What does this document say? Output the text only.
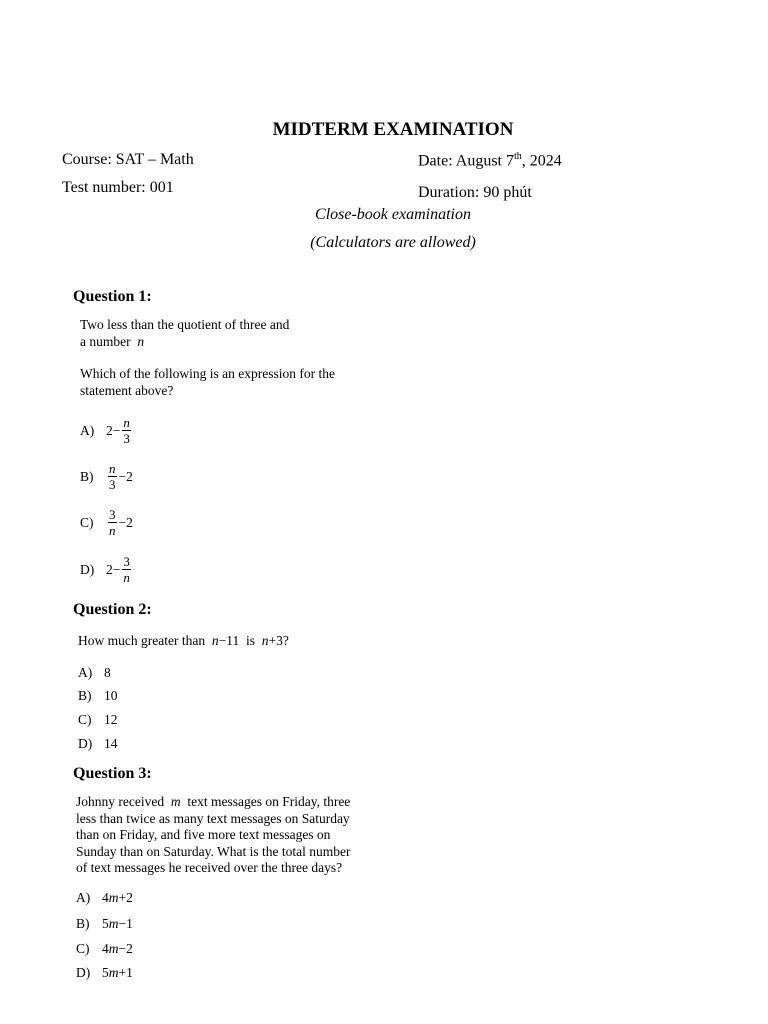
MIDTERM EXAMINATION
Course: SAT – Math	Date: August 7th, 2024
Test number: 001	Duration: 90 phút
Close-book examination
(Calculators are allowed)
Question 1:
Two less than the quotient of three and
a number n
Which of the following is an expression for the
statement above?
A) $2- \frac{n}{3}$
B)	$\frac{n}{3} -2$
C)	$\frac{3}{n} -2$
D) $2- \frac{3}{n}$
Question 2:
How much greater than n−11 is n+3?
A) 8
B) 10
C) 12
D) 14
Question 3:
Johnny received m text messages on Friday, three
less than twice as many text messages on Saturday
than on Friday, and five more text messages on
Sunday than on Saturday. What is the total number
of text messages he received over the three days?
A) 4 m +2
B) 5 m −1
C) 4 m −2
D) 5 m +1
